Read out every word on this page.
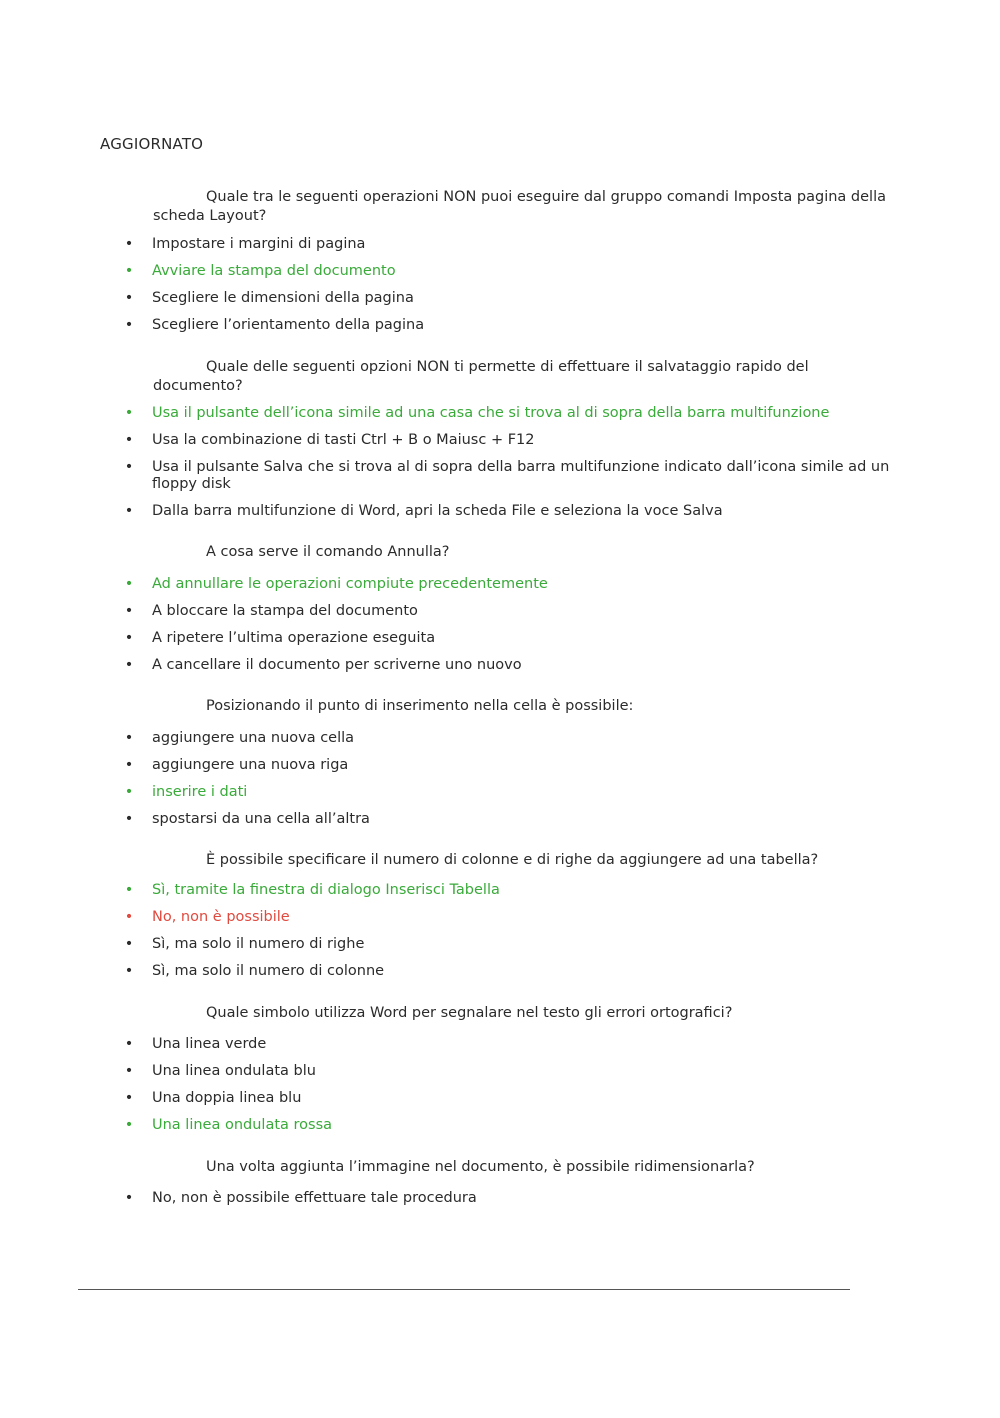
AGGIORNATO
Quale tra le seguenti operazioni NON puoi eseguire dal gruppo comandi Imposta pagina della scheda Layout?
• Impostare i margini di pagina
• Avviare la stampa del documento
• Scegliere le dimensioni della pagina
• Scegliere l’orientamento della pagina
Quale delle seguenti opzioni NON ti permette di effettuare il salvataggio rapido del documento?
• Usa il pulsante dell’icona simile ad una casa che si trova al di sopra della barra multifunzione
• Usa la combinazione di tasti Ctrl + B o Maiusc + F12
• Usa il pulsante Salva che si trova al di sopra della barra multifunzione indicato dall’icona simile ad un floppy disk
• Dalla barra multifunzione di Word, apri la scheda File e seleziona la voce Salva
A cosa serve il comando Annulla?
• Ad annullare le operazioni compiute precedentemente
• A bloccare la stampa del documento
• A ripetere l’ultima operazione eseguita
• A cancellare il documento per scriverne uno nuovo
Posizionando il punto di inserimento nella cella è possibile:
• aggiungere una nuova cella
• aggiungere una nuova riga
• inserire i dati
• spostarsi da una cella all’altra
È possibile specificare il numero di colonne e di righe da aggiungere ad una tabella?
• Sì, tramite la finestra di dialogo Inserisci Tabella
• No, non è possibile
• Sì, ma solo il numero di righe
• Sì, ma solo il numero di colonne
Quale simbolo utilizza Word per segnalare nel testo gli errori ortografici?
• Una linea verde
• Una linea ondulata blu
• Una doppia linea blu
• Una linea ondulata rossa
Una volta aggiunta l’immagine nel documento, è possibile ridimensionarla?
• No, non è possibile effettuare tale procedura
